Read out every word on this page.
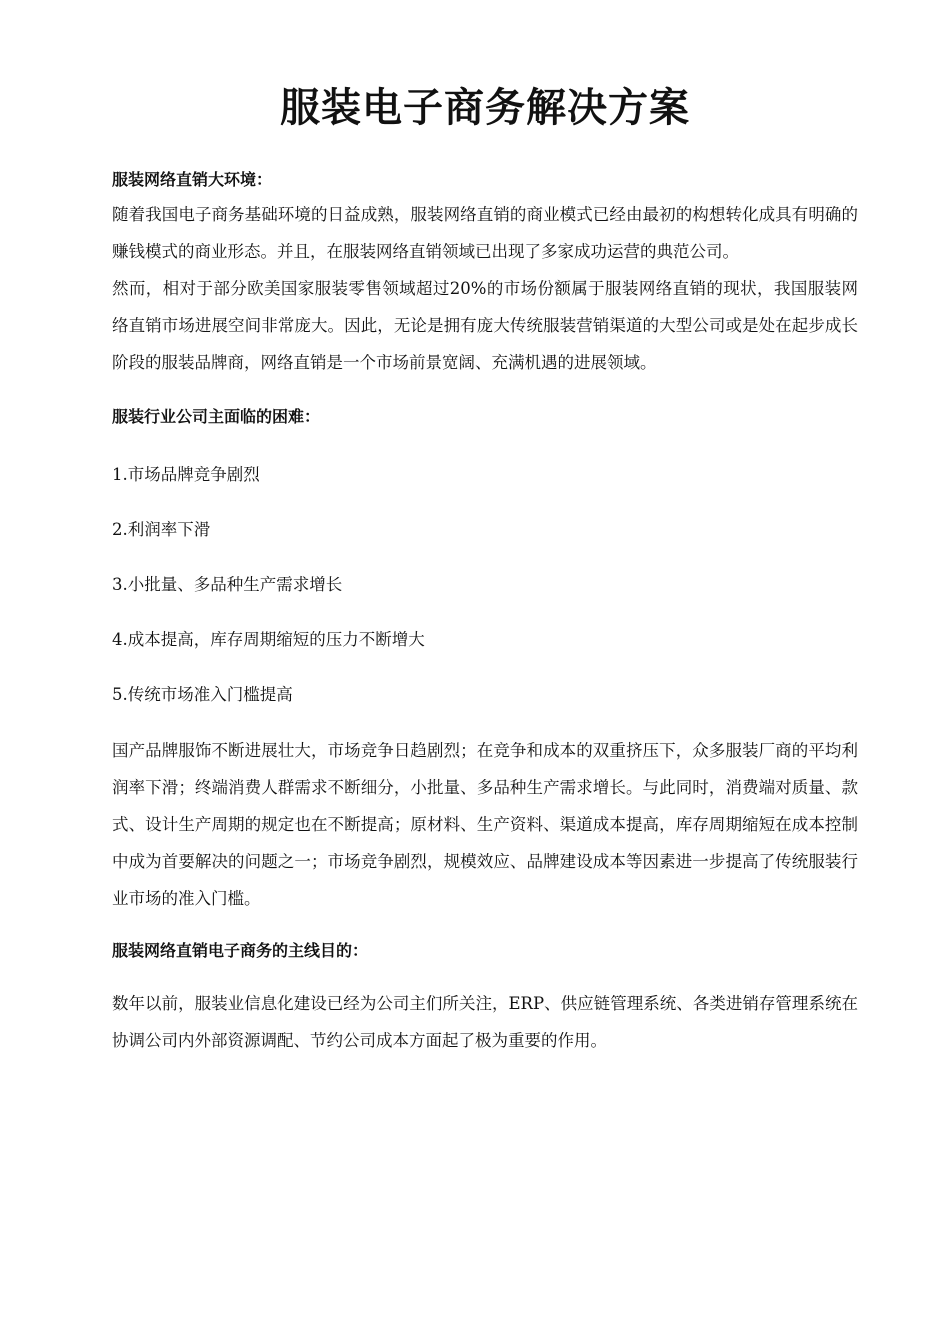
服装电子商务解决方案

服装网络直销大环境：

随着我国电子商务基础环境的日益成熟，服装网络直销的商业模式已经由最初的构想转化成具有明确的赚钱模式的商业形态。并且，在服装网络直销领域已出现了多家成功运营的典范公司。

然而，相对于部分欧美国家服装零售领域超过20%的市场份额属于服装网络直销的现状，我国服装网络直销市场进展空间非常庞大。因此，无论是拥有庞大传统服装营销渠道的大型公司或是处在起步成长阶段的服装品牌商，网络直销是一个市场前景宽阔、充满机遇的进展领域。

服装行业公司主面临的困难：

1.市场品牌竞争剧烈

2.利润率下滑

3.小批量、多品种生产需求增长

4.成本提高，库存周期缩短的压力不断增大

5.传统市场准入门槛提高

国产品牌服饰不断进展壮大，市场竞争日趋剧烈；在竞争和成本的双重挤压下，众多服装厂商的平均利润率下滑；终端消费人群需求不断细分，小批量、多品种生产需求增长。与此同时，消费端对质量、款式、设计生产周期的规定也在不断提高；原材料、生产资料、渠道成本提高，库存周期缩短在成本控制中成为首要解决的问题之一；市场竞争剧烈，规模效应、品牌建设成本等因素进一步提高了传统服装行业市场的准入门槛。

服装网络直销电子商务的主线目的：

数年以前，服装业信息化建设已经为公司主们所关注，ERP、供应链管理系统、各类进销存管理系统在协调公司内外部资源调配、节约公司成本方面起了极为重要的作用。
